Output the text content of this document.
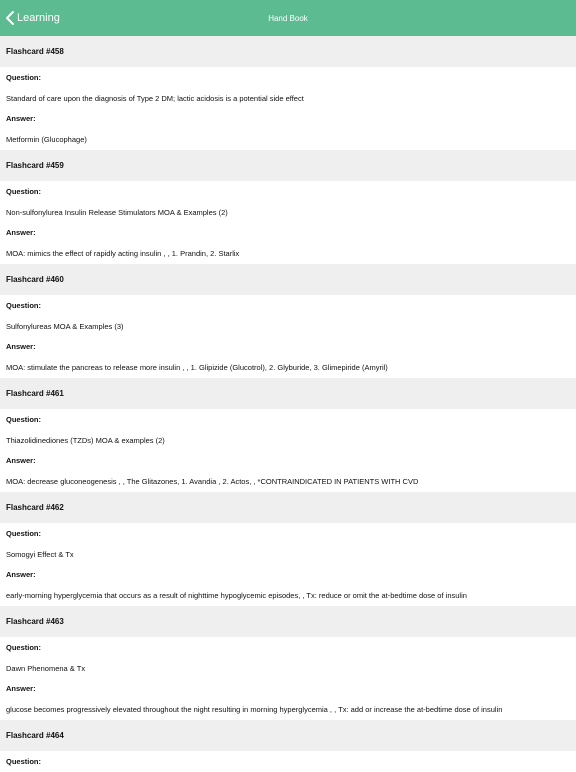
Learning	Hand Book
Flashcard #458
Question:
Standard of care upon the diagnosis of Type 2 DM; lactic acidosis is a potential side effect
Answer:
Metformin (Glucophage)
Flashcard #459
Question:
Non-sulfonylurea Insulin Release Stimulators MOA & Examples (2)
Answer:
MOA: mimics the effect of rapidly acting insulin , , 1. Prandin, 2. Starlix
Flashcard #460
Question:
Sulfonylureas MOA & Examples (3)
Answer:
MOA: stimulate the pancreas to release more insulin , , 1. Glipizide (Glucotrol), 2. Glyburide, 3. Glimepiride (Amyril)
Flashcard #461
Question:
Thiazolidinediones (TZDs) MOA & examples (2)
Answer:
MOA: decrease gluconeogenesis , , The Glitazones, 1. Avandia , 2. Actos, , *CONTRAINDICATED IN PATIENTS WITH CVD
Flashcard #462
Question:
Somogyi Effect & Tx
Answer:
early-morning hyperglycemia that occurs as a result of nighttime hypoglycemic episodes, , Tx: reduce or omit the at-bedtime dose of insulin
Flashcard #463
Question:
Dawn Phenomena & Tx
Answer:
glucose becomes progressively elevated throughout the night resulting in morning hyperglycemia , , Tx: add or increase the at-bedtime dose of insulin
Flashcard #464
Question:
